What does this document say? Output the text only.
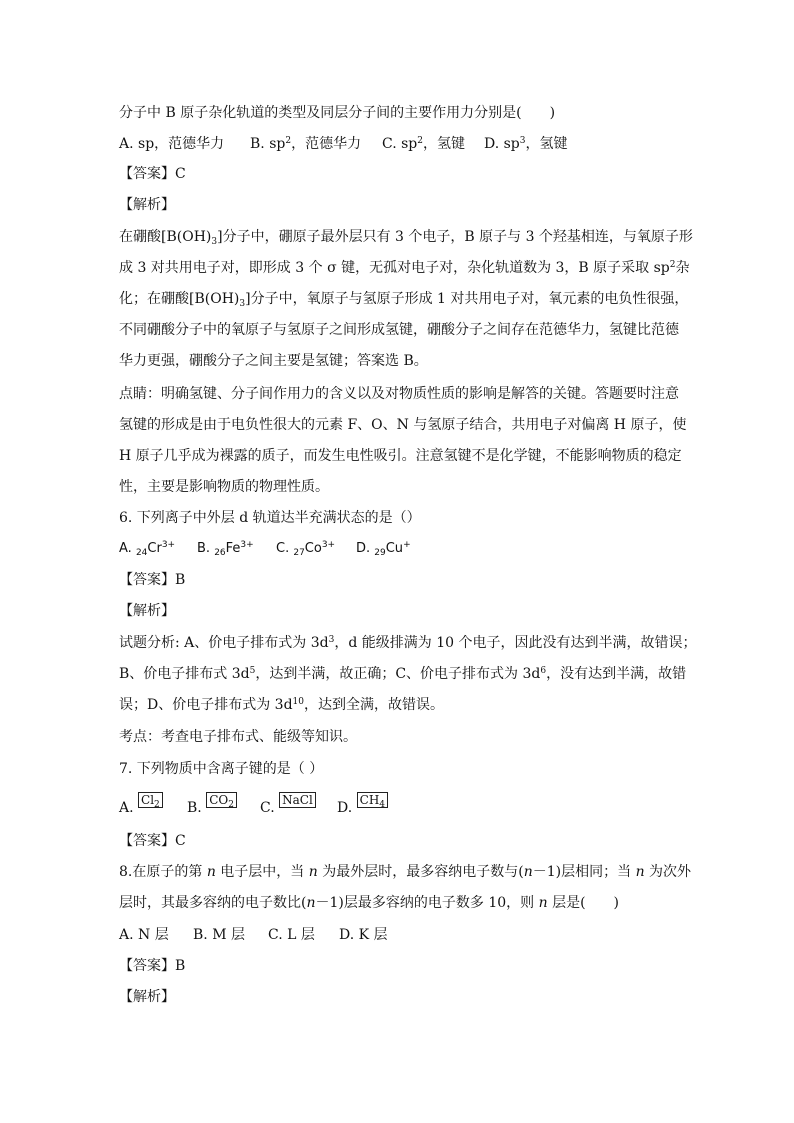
分子中 B 原子杂化轨道的类型及同层分子间的主要作用力分别是(　　)
A. sp，范德华力 B. $sp^2$，范德华力 C. $sp^2$，氢键 D. $sp^3$，氢键
【答案】C
【解析】
在硼酸$[B(OH)_3]$分子中，硼原子最外层只有 3 个电子，B 原子与 3 个羟基相连，与氧原子形
成 3 对共用电子对，即形成 3 个 σ 键，无孤对电子对，杂化轨道数为 3，B 原子采取 $sp^2$杂
化；在硼酸$[B(OH)_3]$分子中，氧原子与氢原子形成 1 对共用电子对，氧元素的电负性很强，
不同硼酸分子中的氧原子与氢原子之间形成氢键，硼酸分子之间存在范德华力，氢键比范德
华力更强，硼酸分子之间主要是氢键；答案选 B。
点睛：明确氢键、分子间作用力的含义以及对物质性质的影响是解答的关键。答题要时注意
氢键的形成是由于电负性很大的元素 F、O、N 与氢原子结合，共用电子对偏离 H 原子，使
H 原子几乎成为裸露的质子，而发生电性吸引。注意氢键不是化学键，不能影响物质的稳定
性，主要是影响物质的物理性质。
6. 下列离子中外层 d 轨道达半充满状态的是（）
A. $_{24}Cr^{3+}$ B. $_{26}Fe^{3+}$ C. $_{27}Co^{3+}$ D. $_{29}$Cu+
【答案】B
【解析】
试题分析: A、价电子排布式为 $3d^3$，d 能级排满为 10 个电子，因此没有达到半满，故错误；
B、价电子排布式 $3d^5$，达到半满，故正确；C、价电子排布式为 $3d^6$，没有达到半满，故错
误；D、价电子排布式为 $3d^{10}$，达到全满，故错误。
考点：考查电子排布式、能级等知识。
7. 下列物质中含离子键的是（ ）
A. $Cl_2$ B. $CO_2$ C. NaCl D. $CH_4$
【答案】C
8.在原子的第 n 电子层中，当 n 为最外层时，最多容纳电子数与(n－1)层相同；当 n 为次外
层时，其最多容纳的电子数比(n－1)层最多容纳的电子数多 10，则 n 层是(　　)
A. N 层 B. M 层 C. L 层 D. K 层
【答案】B
【解析】
